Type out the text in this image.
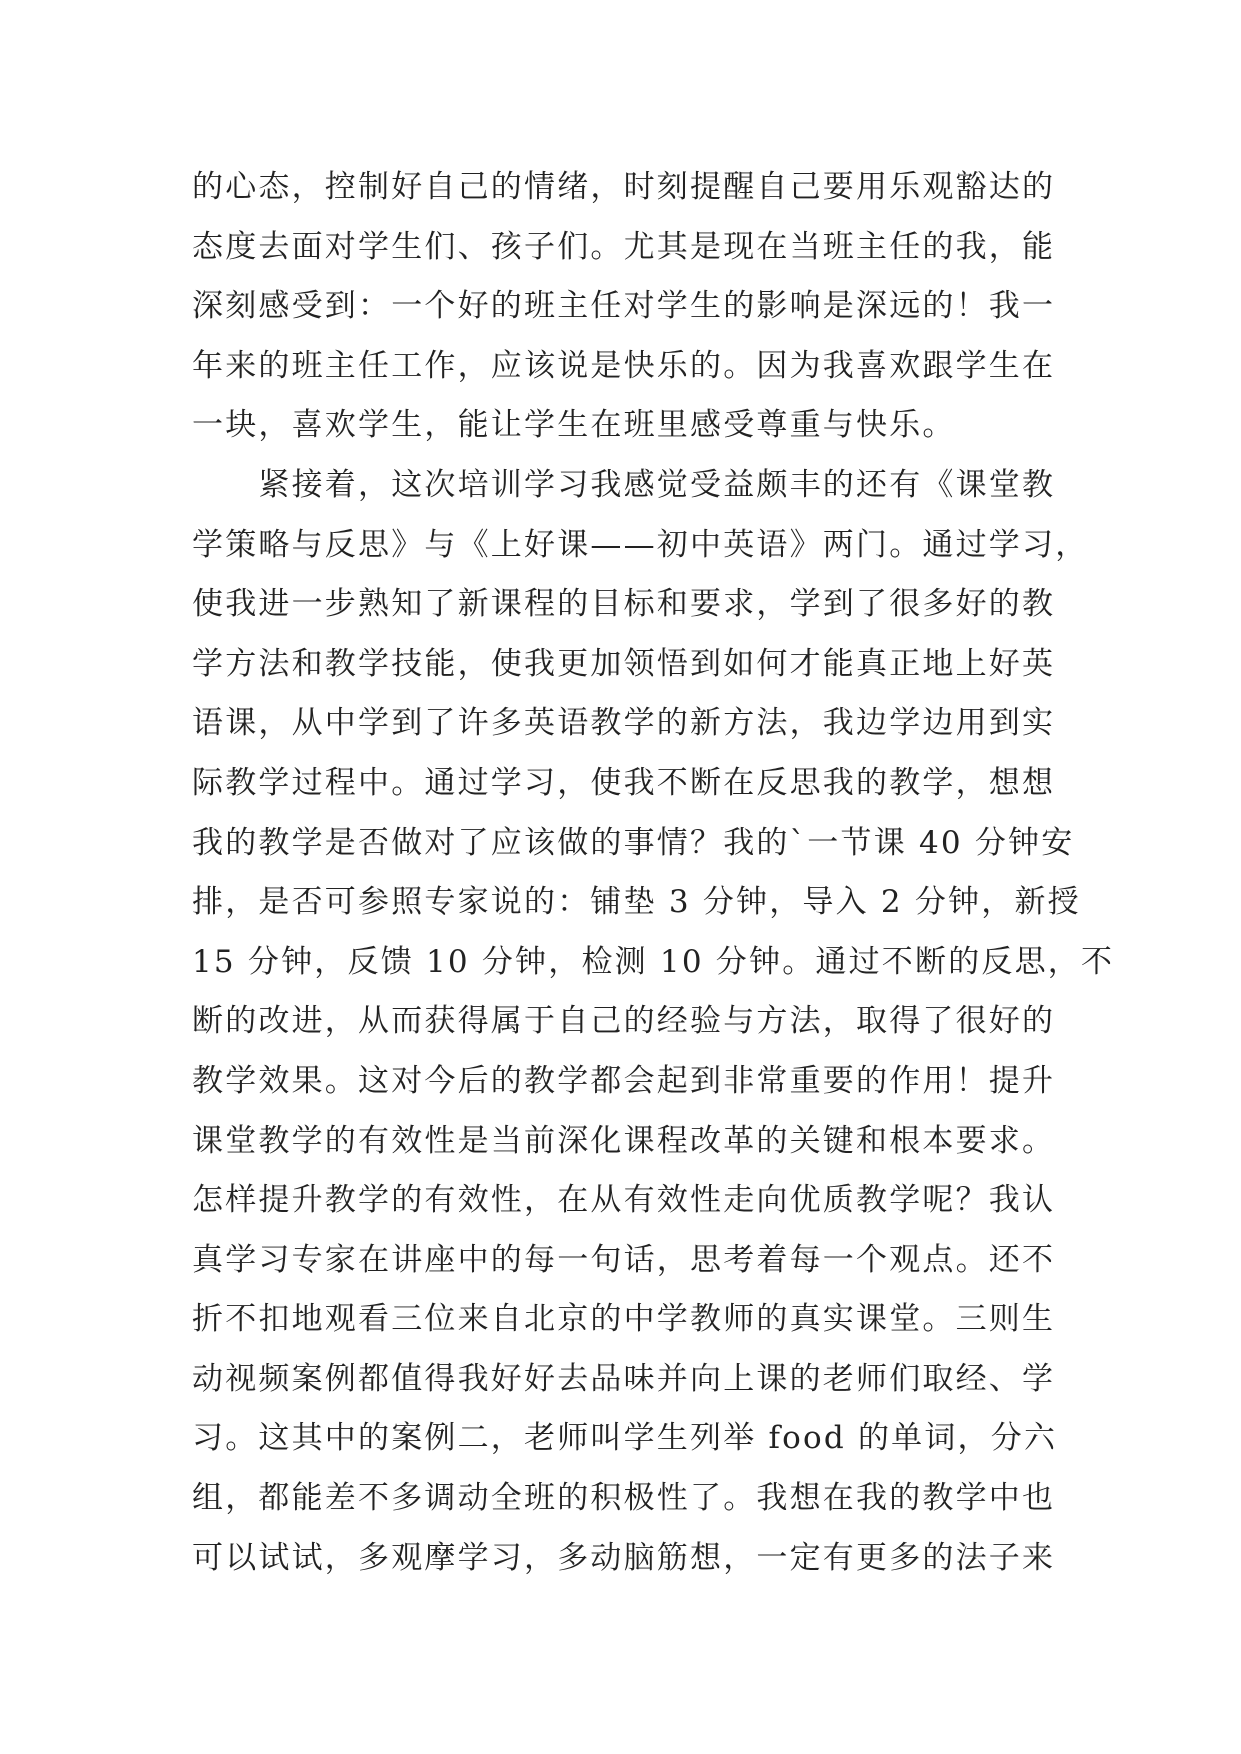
的心态，控制好自己的情绪，时刻提醒自己要用乐观豁达的
态度去面对学生们、孩子们。尤其是现在当班主任的我，能
深刻感受到：一个好的班主任对学生的影响是深远的！我一
年来的班主任工作，应该说是快乐的。因为我喜欢跟学生在
一块，喜欢学生，能让学生在班里感受尊重与快乐。
　　紧接着，这次培训学习我感觉受益颇丰的还有《课堂教
学策略与反思》与《上好课——初中英语》两门。通过学习，
使我进一步熟知了新课程的目标和要求，学到了很多好的教
学方法和教学技能，使我更加领悟到如何才能真正地上好英
语课，从中学到了许多英语教学的新方法，我边学边用到实
际教学过程中。通过学习，使我不断在反思我的教学，想想
我的教学是否做对了应该做的事情？我的`一节课 40 分钟安
排，是否可参照专家说的：铺垫 3 分钟，导入 2 分钟，新授
15 分钟，反馈 10 分钟，检测 10 分钟。通过不断的反思，不
断的改进，从而获得属于自己的经验与方法，取得了很好的
教学效果。这对今后的教学都会起到非常重要的作用！提升
课堂教学的有效性是当前深化课程改革的关键和根本要求。
怎样提升教学的有效性，在从有效性走向优质教学呢？我认
真学习专家在讲座中的每一句话，思考着每一个观点。还不
折不扣地观看三位来自北京的中学教师的真实课堂。三则生
动视频案例都值得我好好去品味并向上课的老师们取经、学
习。这其中的案例二，老师叫学生列举 food 的单词，分六
组，都能差不多调动全班的积极性了。我想在我的教学中也
可以试试，多观摩学习，多动脑筋想，一定有更多的法子来
